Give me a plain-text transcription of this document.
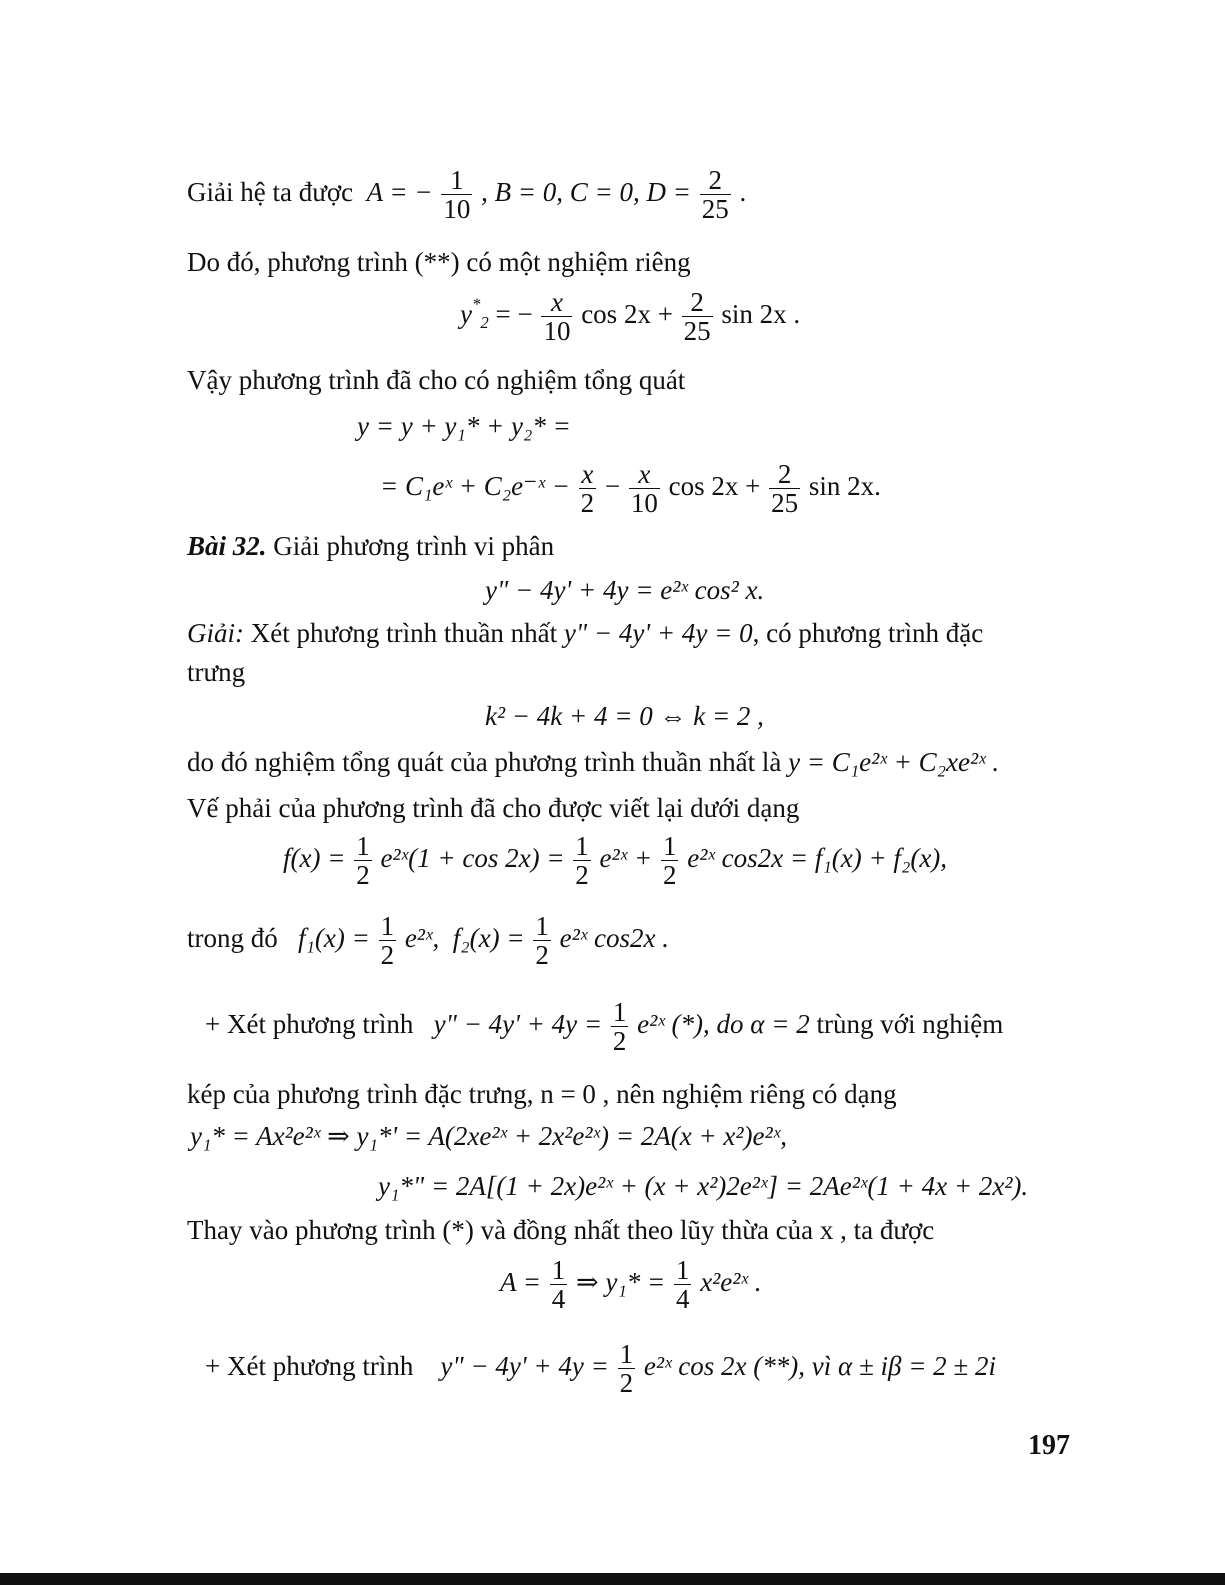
Giải hệ ta được A = − $\frac{1}{10}$ , B = 0, C = 0, $D = \frac{2}{25}$ .
Do đó, phương trình (**) có một nghiệm riêng
$y^*_2$ = − $\frac{x}{10}$ $\cos 2x + \frac{2}{25}$ sin 2x .
Vậy phương trình đã cho có nghiệm tổng quát
y = y + y₁* + y₂* =
= C₁eˣ + C₂e⁻ˣ − $\frac{x}{2} - \frac{x}{10}$ $\cos 2x + \frac{2}{25}$ sin 2x.
Bài 32. Giải phương trình vi phân
y" − 4y' + 4y = e²ˣ cos² x.
Giải: Xét phương trình thuần nhất y" − 4y' + 4y = 0, có phương trình đặc
trưng
k² − 4k + 4 = 0 ⇔ k = 2 ,
do đó nghiệm tổng quát của phương trình thuần nhất là y = C₁e²ˣ + C₂xe²ˣ .
Vế phải của phương trình đã cho được viết lại dưới dạng
$f(x) = \frac{1}{2}$ e²ˣ(1 + $\cos 2x) = \frac{1}{2}$ e²ˣ + $\frac{1}{2}$ e²ˣ cos2x = f₁(x) + f₂(x),
trong đó $f_1(x) = \frac{1}{2}$ e²ˣ, $f_2(x) = \frac{1}{2}$ e²ˣ cos2x .
+ Xét phương trình y" − $4y' + 4y = \frac{1}{2}$ e²ˣ (*), do α = 2 trùng với nghiệm
kép của phương trình đặc trưng, n = 0 , nên nghiệm riêng có dạng
y₁* = Ax²e²ˣ ⇒ y₁*' = A(2xe²ˣ + 2x²e²ˣ) = 2A(x + x²)e²ˣ,
y₁*" = 2A[(1 + 2x)e²ˣ + (x + x²)2e²ˣ] = 2Ae²ˣ(1 + 4x + 2x²).
Thay vào phương trình (*) và đồng nhất theo lũy thừa của x , ta được
$A = \frac{1}{4}$ ⇒ $y_1* = \frac{1}{4}$ x²e²ˣ .
+ Xét phương trình y" − $4y' + 4y = \frac{1}{2}$ e²ˣ cos 2x (**), vì α ± iβ = 2 ± 2i
197
